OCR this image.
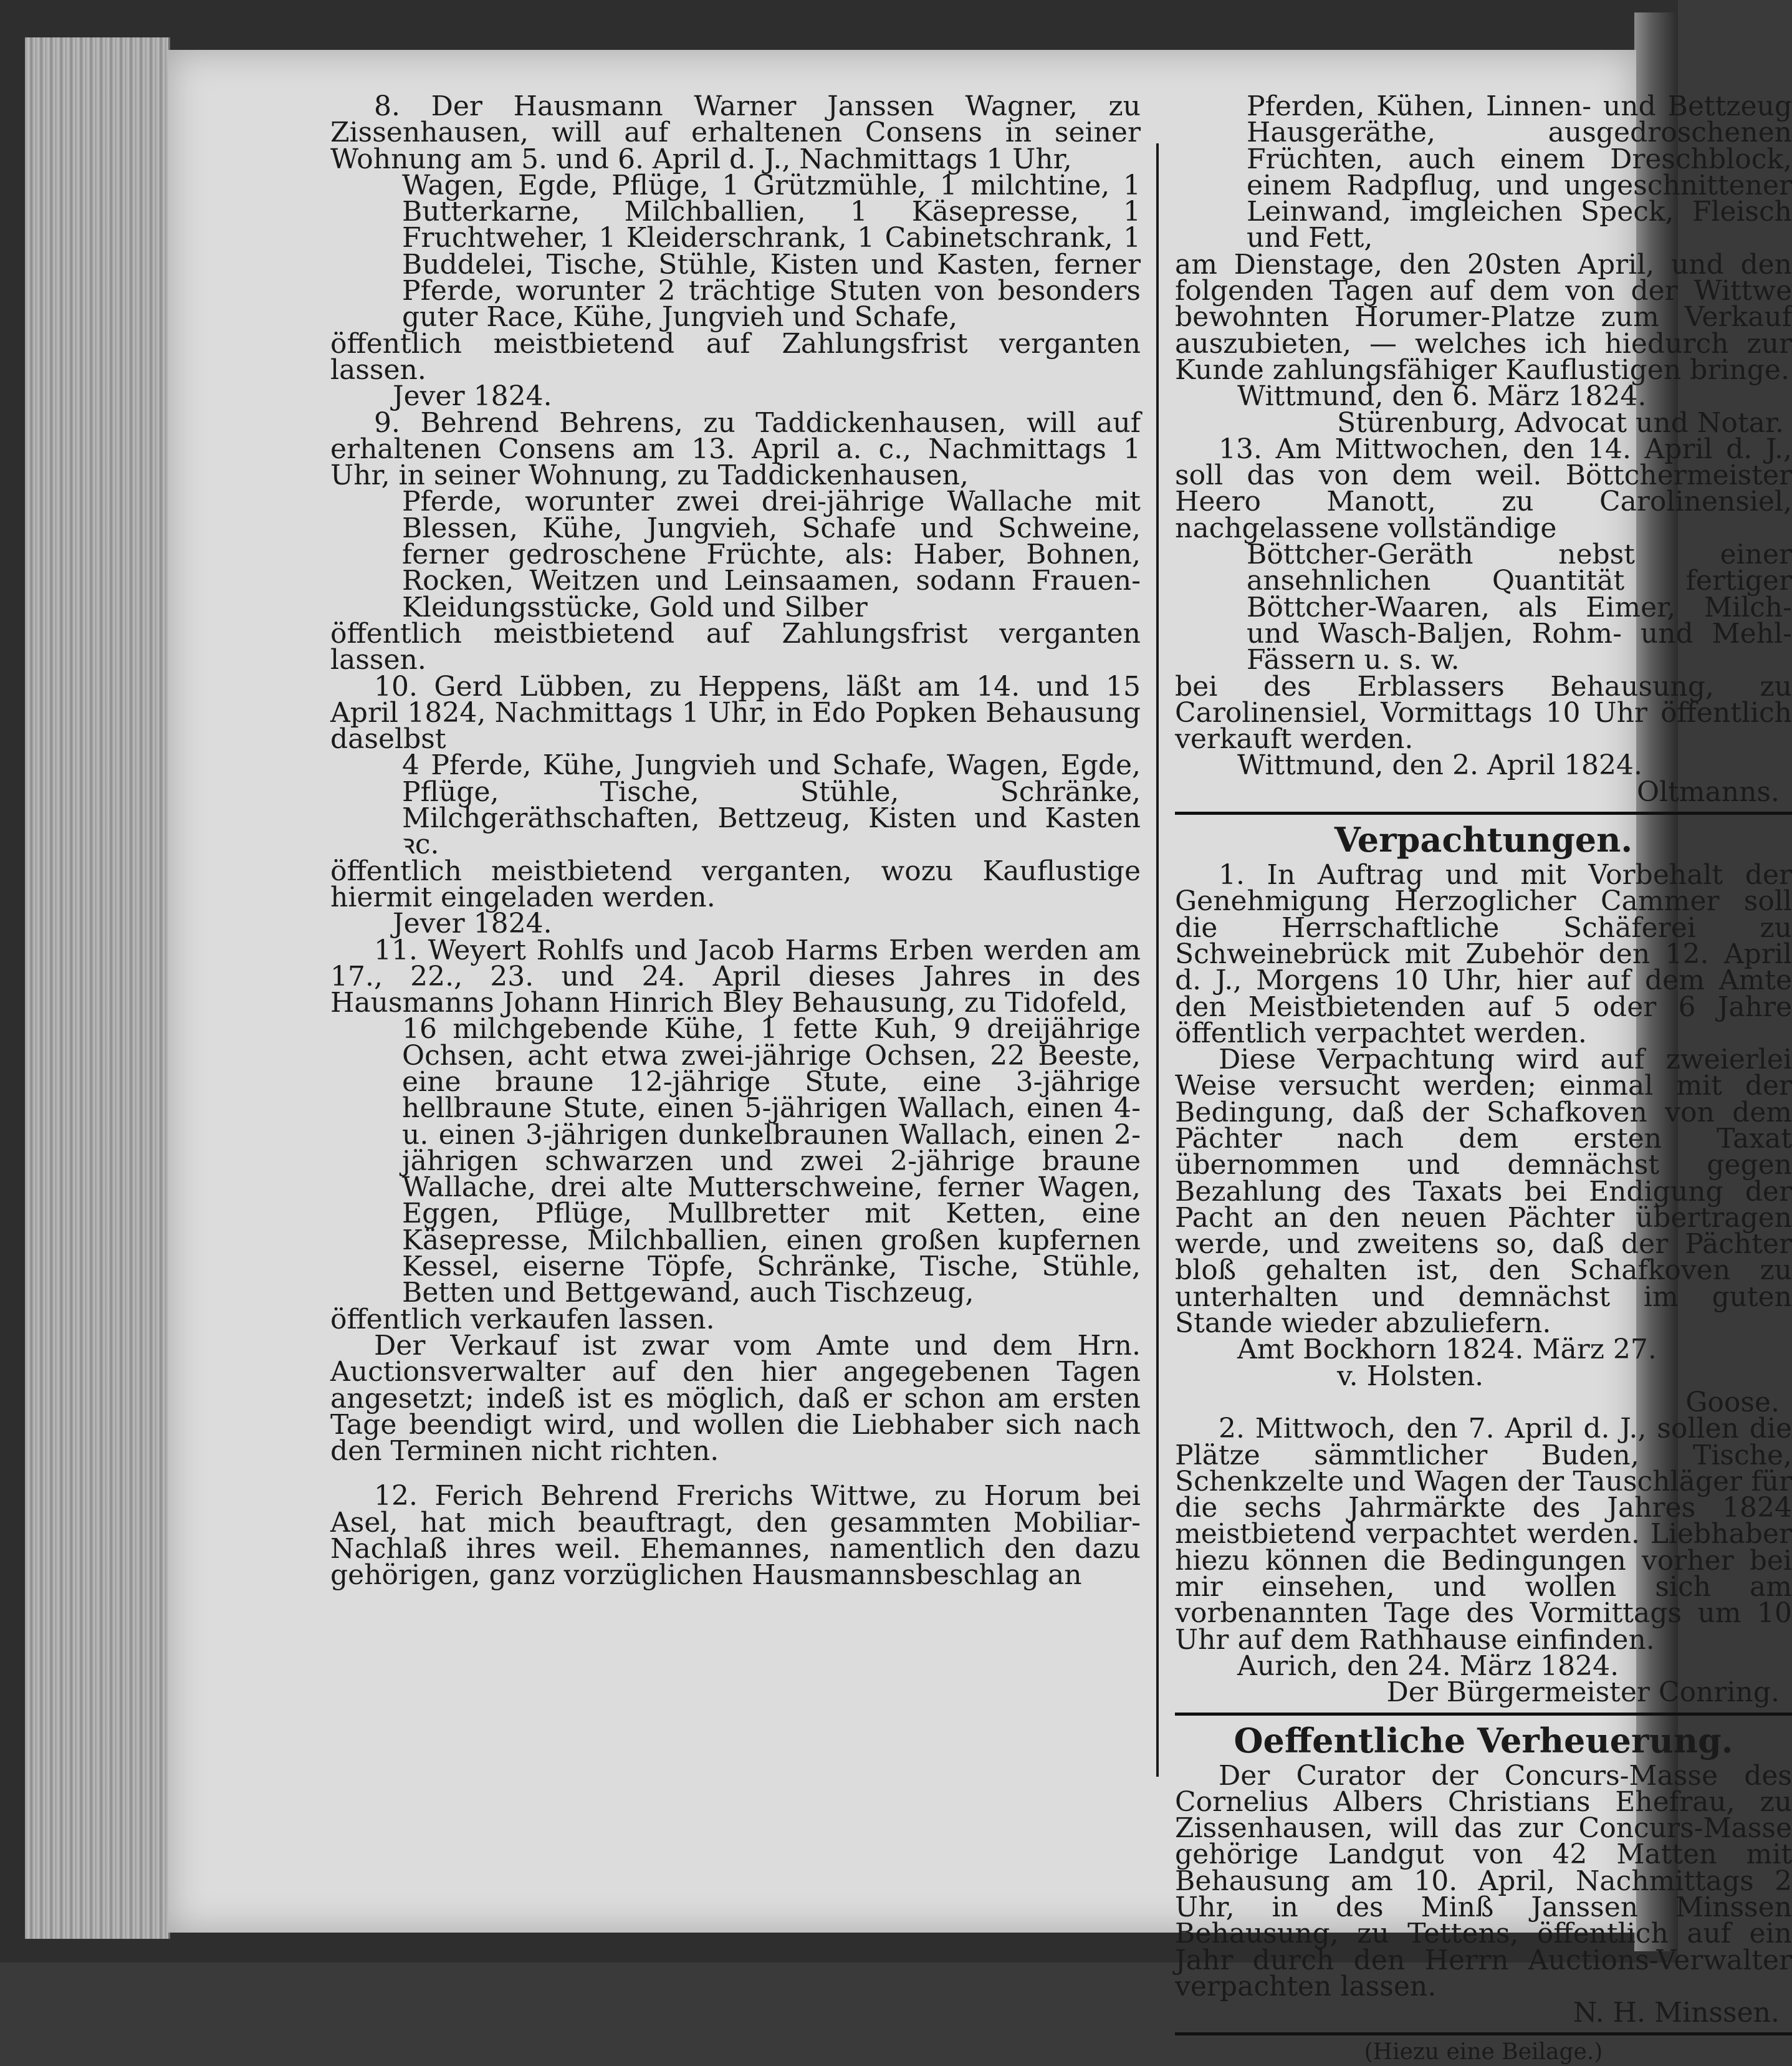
8. Der Hausmann Warner Janssen Wagner, zu Zissenhausen, will auf erhaltenen Consens in seiner Wohnung am 5. und 6. April d. J., Nachmittags 1 Uhr,

Wagen, Egde, Pflüge, 1 Grützmühle, 1 milchtine, 1 Butterkarne, Milchballien, 1 Käsepresse, 1 Fruchtweher, 1 Kleiderschrank, 1 Cabinetschrank, 1 Buddelei, Tische, Stühle, Kisten und Kasten, ferner Pferde, worunter 2 trächtige Stuten von besonders guter Race, Kühe, Jungvieh und Schafe,

öffentlich meistbietend auf Zahlungsfrist verganten lassen.

Jever 1824.

9. Behrend Behrens, zu Taddickenhausen, will auf erhaltenen Consens am 13. April a. c., Nachmittags 1 Uhr, in seiner Wohnung, zu Taddickenhausen,

Pferde, worunter zwei drei-jährige Wallache mit Blessen, Kühe, Jungvieh, Schafe und Schweine, ferner gedroschene Früchte, als: Haber, Bohnen, Rocken, Weitzen und Leinsaamen, sodann Frauen-Kleidungsstücke, Gold und Silber

öffentlich meistbietend auf Zahlungsfrist verganten lassen.

10. Gerd Lübben, zu Heppens, läßt am 14. und 15 April 1824, Nachmittags 1 Uhr, in Edo Popken Behausung daselbst

4 Pferde, Kühe, Jungvieh und Schafe, Wagen, Egde, Pflüge, Tische, Stühle, Schränke, Milchgeräthschaften, Bettzeug, Kisten und Kasten ꝛc.

öffentlich meistbietend verganten, wozu Kauflustige hiermit eingeladen werden.

Jever 1824.

11. Weyert Rohlfs und Jacob Harms Erben werden am 17., 22., 23. und 24. April dieses Jahres in des Hausmanns Johann Hinrich Bley Behausung, zu Tidofeld,

16 milchgebende Kühe, 1 fette Kuh, 9 dreijährige Ochsen, acht etwa zwei-jährige Ochsen, 22 Beeste, eine braune 12-jährige Stute, eine 3-jährige hellbraune Stute, einen 5-jährigen Wallach, einen 4- u. einen 3-jährigen dunkelbraunen Wallach, einen 2-jährigen schwarzen und zwei 2-jährige braune Wallache, drei alte Mutterschweine, ferner Wagen, Eggen, Pflüge, Mullbretter mit Ketten, eine Käsepresse, Milchballien, einen großen kupfernen Kessel, eiserne Töpfe, Schränke, Tische, Stühle, Betten und Bettgewand, auch Tischzeug,

öffentlich verkaufen lassen.

Der Verkauf ist zwar vom Amte und dem Hrn. Auctionsverwalter auf den hier angegebenen Tagen angesetzt; indeß ist es möglich, daß er schon am ersten Tage beendigt wird, und wollen die Liebhaber sich nach den Terminen nicht richten.

12. Ferich Behrend Frerichs Wittwe, zu Horum bei Asel, hat mich beauftragt, den gesammten Mobiliar-Nachlaß ihres weil. Ehemannes, namentlich den dazu gehörigen, ganz vorzüglichen Hausmannsbeschlag an

Pferden, Kühen, Linnen- und Bettzeug Hausgeräthe, ausgedroschenen Früchten, auch einem Dreschblock, einem Radpflug, und ungeschnittener Leinwand, imgleichen Speck, Fleisch und Fett,

am Dienstage, den 20sten April, und den folgenden Tagen auf dem von der Wittwe bewohnten Horumer-Platze zum Verkauf auszubieten, — welches ich hiedurch zur Kunde zahlungsfähiger Kauflustigen bringe.

Wittmund, den 6. März 1824.

Stürenburg, Advocat und Notar.

13. Am Mittwochen, den 14. April d. J., soll das von dem weil. Böttchermeister Heero Manott, zu Carolinensiel, nachgelassene vollständige

Böttcher-Geräth nebst einer ansehnlichen Quantität fertiger Böttcher-Waaren, als Eimer, Milch- und Wasch-Baljen, Rohm- und Mehl-Fässern u. s. w.

bei des Erblassers Behausung, zu Carolinensiel, Vormittags 10 Uhr öffentlich verkauft werden.

Wittmund, den 2. April 1824.

Oltmanns.

Verpachtungen.

1. In Auftrag und mit Vorbehalt der Genehmigung Herzoglicher Cammer soll die Herrschaftliche Schäferei zu Schweinebrück mit Zubehör den 12. April d. J., Morgens 10 Uhr, hier auf dem Amte den Meistbietenden auf 5 oder 6 Jahre öffentlich verpachtet werden.

Diese Verpachtung wird auf zweierlei Weise versucht werden; einmal mit der Bedingung, daß der Schafkoven von dem Pächter nach dem ersten Taxat übernommen und demnächst gegen Bezahlung des Taxats bei Endigung der Pacht an den neuen Pächter übertragen werde, und zweitens so, daß der Pächter bloß gehalten ist, den Schafkoven zu unterhalten und demnächst im guten Stande wieder abzuliefern.

Amt Bockhorn 1824. März 27.

v. Holsten.

Goose.

2. Mittwoch, den 7. April d. J., sollen die Plätze sämmtlicher Buden, Tische, Schenkzelte und Wagen der Tauschläger für die sechs Jahrmärkte des Jahres 1824 meistbietend verpachtet werden. Liebhaber hiezu können die Bedingungen vorher bei mir einsehen, und wollen sich am vorbenannten Tage des Vormittags um 10 Uhr auf dem Rathhause einfinden.

Aurich, den 24. März 1824.

Der Bürgermeister Conring.

Oeffentliche Verheuerung.

Der Curator der Concurs-Masse des Cornelius Albers Christians Ehefrau, zu Zissenhausen, will das zur Concurs-Masse gehörige Landgut von 42 Matten mit Behausung am 10. April, Nachmittags 2 Uhr, in des Minß Janssen Minssen Behausung, zu Tettens, öffentlich auf ein Jahr durch den Herrn Auctions-Verwalter verpachten lassen.

N. H. Minssen.

(Hiezu eine Beilage.)
